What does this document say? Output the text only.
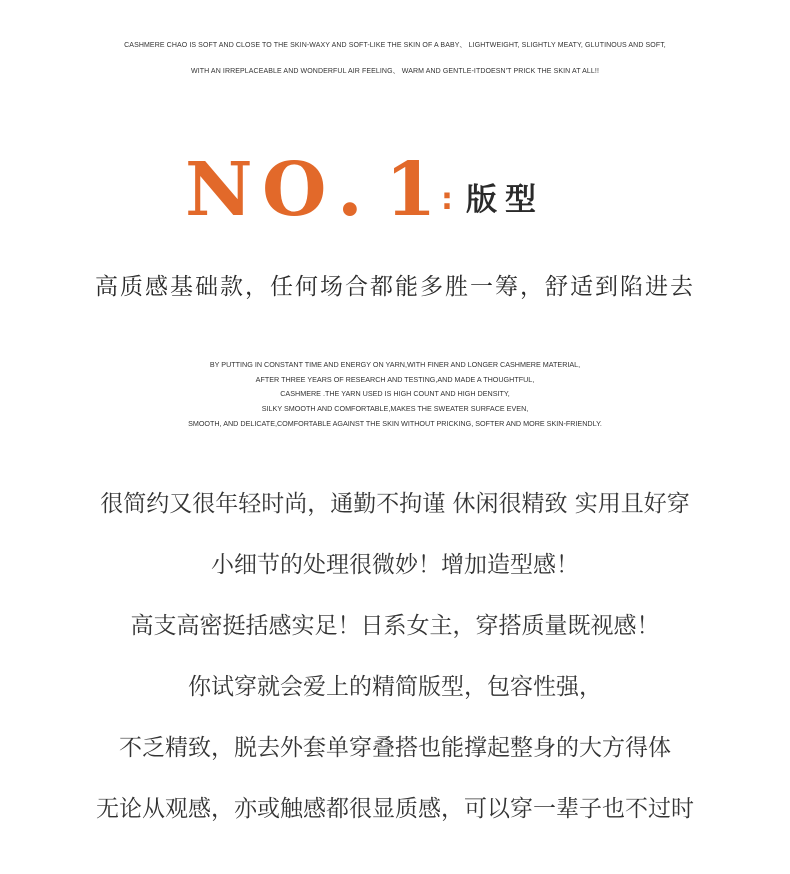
CASHMERE CHAO IS SOFT AND CLOSE TO THE SKIN-WAXY AND SOFT-LIKE THE SKIN OF A BABY、 LIGHTWEIGHT, SLIGHTLY MEATY, GLUTINOUS AND SOFT,
WITH AN IRREPLACEABLE AND WONDERFUL AIR FEELING、 WARM AND GENTLE-ITDOESN'T PRICK THE SKIN AT ALL!!
N O . 1 : 版型
高质感基础款，任何场合都能多胜一筹，舒适到陷进去
BY PUTTING IN CONSTANT TIME AND ENERGY ON YARN,WITH FINER AND LONGER CASHMERE MATERIAL,
AFTER THREE YEARS OF RESEARCH AND TESTING,AND MADE A THOUGHTFUL,
CASHMERE .THE YARN USED IS HIGH COUNT AND HIGH DENSITY,
SILKY SMOOTH AND COMFORTABLE,MAKES THE SWEATER SURFACE EVEN,
SMOOTH, AND DELICATE,COMFORTABLE AGAINST THE SKIN WITHOUT PRICKING, SOFTER AND MORE SKIN-FRIENDLY.
很简约又很年轻时尚，通勤不拘谨 休闲很精致 实用且好穿
小细节的处理很微妙！增加造型感！
高支高密挺括感实足！日系女主，穿搭质量既视感！
你试穿就会爱上的精简版型，包容性强，
不乏精致，脱去外套单穿叠搭也能撑起整身的大方得体
无论从观感，亦或触感都很显质感，可以穿一辈子也不过时
